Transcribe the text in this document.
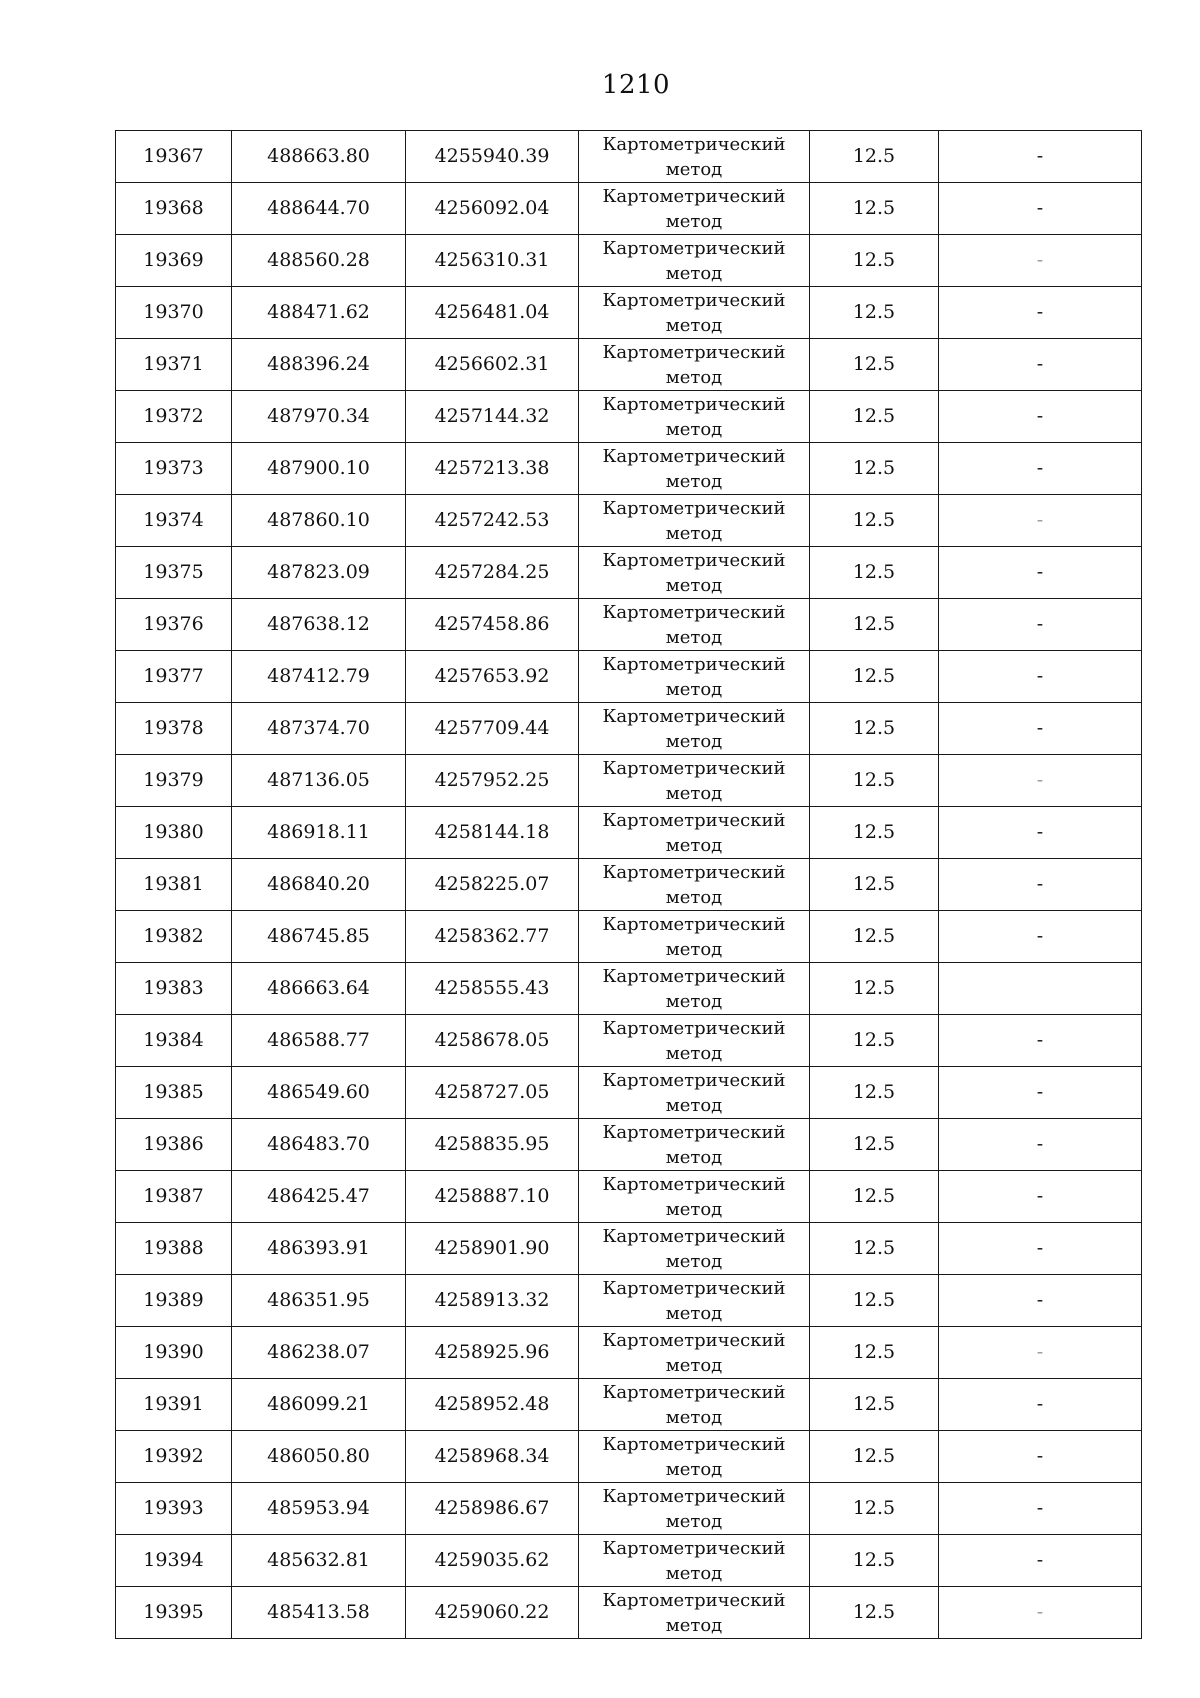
1210
19367	488663.80	4255940.39	Картометрический
метод	12.5	-
19368	488644.70	4256092.04	Картометрический
метод	12.5	-
19369	488560.28	4256310.31	Картометрический
метод	12.5	-
19370	488471.62	4256481.04	Картометрический
метод	12.5	-
19371	488396.24	4256602.31	Картометрический
метод	12.5	-
19372	487970.34	4257144.32	Картометрический
метод	12.5	-
19373	487900.10	4257213.38	Картометрический
метод	12.5	-
19374	487860.10	4257242.53	Картометрический
метод	12.5	-
19375	487823.09	4257284.25	Картометрический
метод	12.5	-
19376	487638.12	4257458.86	Картометрический
метод	12.5	-
19377	487412.79	4257653.92	Картометрический
метод	12.5	-
19378	487374.70	4257709.44	Картометрический
метод	12.5	-
19379	487136.05	4257952.25	Картометрический
метод	12.5	-
19380	486918.11	4258144.18	Картометрический
метод	12.5	-
19381	486840.20	4258225.07	Картометрический
метод	12.5	-
19382	486745.85	4258362.77	Картометрический
метод	12.5	-
19383	486663.64	4258555.43	Картометрический
метод	12.5	
19384	486588.77	4258678.05	Картометрический
метод	12.5	-
19385	486549.60	4258727.05	Картометрический
метод	12.5	-
19386	486483.70	4258835.95	Картометрический
метод	12.5	-
19387	486425.47	4258887.10	Картометрический
метод	12.5	-
19388	486393.91	4258901.90	Картометрический
метод	12.5	-
19389	486351.95	4258913.32	Картометрический
метод	12.5	-
19390	486238.07	4258925.96	Картометрический
метод	12.5	-
19391	486099.21	4258952.48	Картометрический
метод	12.5	-
19392	486050.80	4258968.34	Картометрический
метод	12.5	-
19393	485953.94	4258986.67	Картометрический
метод	12.5	-
19394	485632.81	4259035.62	Картометрический
метод	12.5	-
19395	485413.58	4259060.22	Картометрический
метод	12.5	-
